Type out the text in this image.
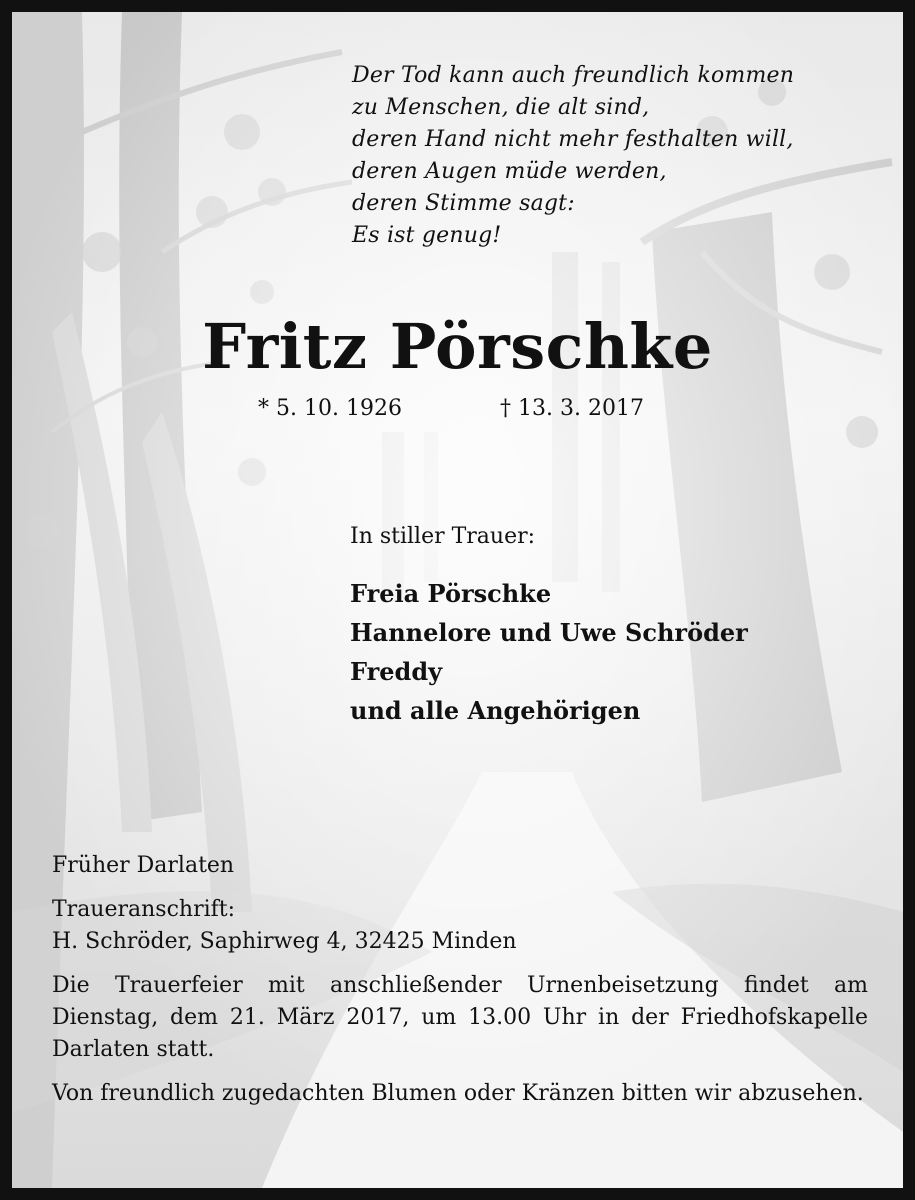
Der Tod kann auch freundlich kommen
zu Menschen, die alt sind,
deren Hand nicht mehr festhalten will,
deren Augen müde werden,
deren Stimme sagt:
Es ist genug!
Fritz Pörschke
* 5. 10. 1926	† 13. 3. 2017
In stiller Trauer:
Freia Pörschke
Hannelore und Uwe Schröder
Freddy
und alle Angehörigen

Früher Darlaten

Traueranschrift:

H. Schröder, Saphirweg 4, 32425 Minden

Die Trauerfeier mit anschließender Urnenbeisetzung findet am Dienstag, dem 21. März 2017, um 13.00 Uhr in der Friedhofskapelle Darlaten statt.

Von freundlich zugedachten Blumen oder Kränzen bitten wir abzusehen.
